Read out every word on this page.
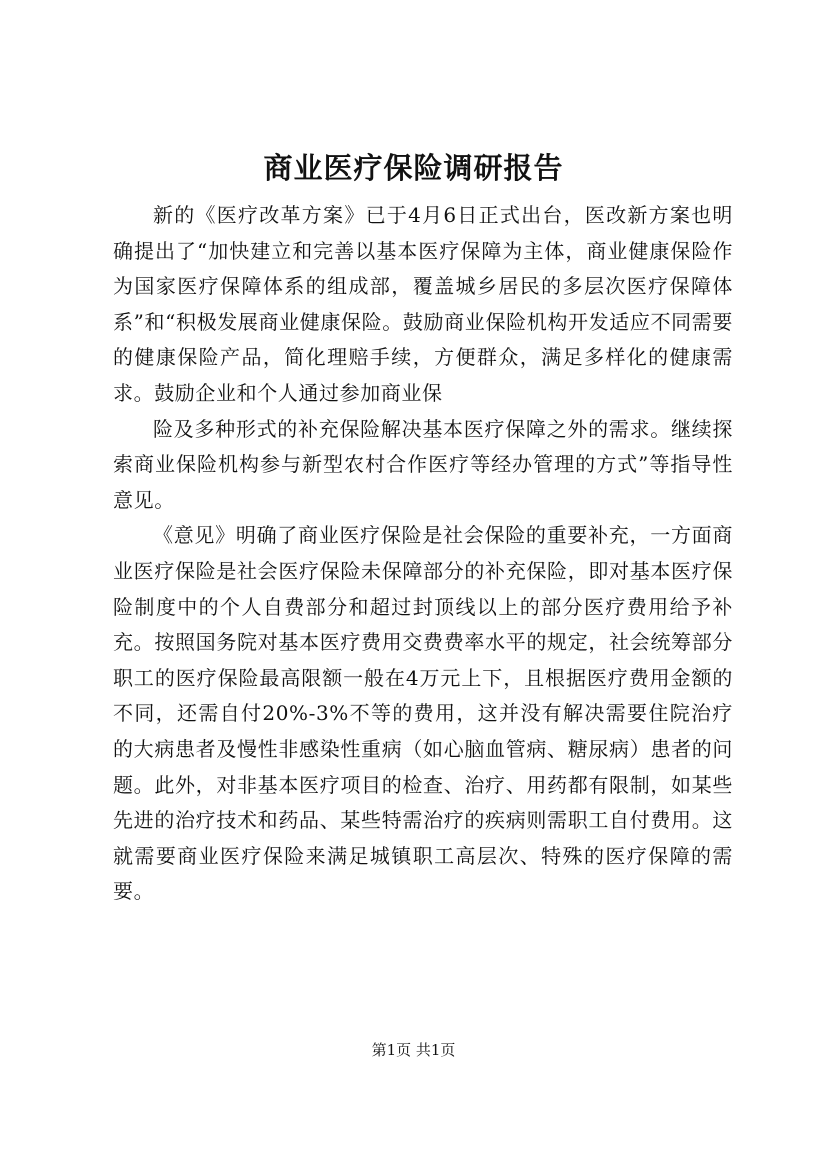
商业医疗保险调研报告

新的《医疗改革方案》已于4月6日正式出台，医改新方案也明确提出了“加快建立和完善以基本医疗保障为主体，商业健康保险作为国家医疗保障体系的组成部，覆盖城乡居民的多层次医疗保障体系”和“积极发展商业健康保险。鼓励商业保险机构开发适应不同需要的健康保险产品，简化理赔手续，方便群众，满足多样化的健康需求。鼓励企业和个人通过参加商业保

险及多种形式的补充保险解决基本医疗保障之外的需求。继续探索商业保险机构参与新型农村合作医疗等经办管理的方式”等指导性意见。

《意见》明确了商业医疗保险是社会保险的重要补充，一方面商业医疗保险是社会医疗保险未保障部分的补充保险，即对基本医疗保险制度中的个人自费部分和超过封顶线以上的部分医疗费用给予补充。按照国务院对基本医疗费用交费费率水平的规定，社会统筹部分职工的医疗保险最高限额一般在4万元上下，且根据医疗费用金额的不同，还需自付20%-3%不等的费用，这并没有解决需要住院治疗的大病患者及慢性非感染性重病（如心脑血管病、糖尿病）患者的问题。此外，对非基本医疗项目的检查、治疗、用药都有限制，如某些先进的治疗技术和药品、某些特需治疗的疾病则需职工自付费用。这就需要商业医疗保险来满足城镇职工高层次、特殊的医疗保障的需要。

第1页 共1页
